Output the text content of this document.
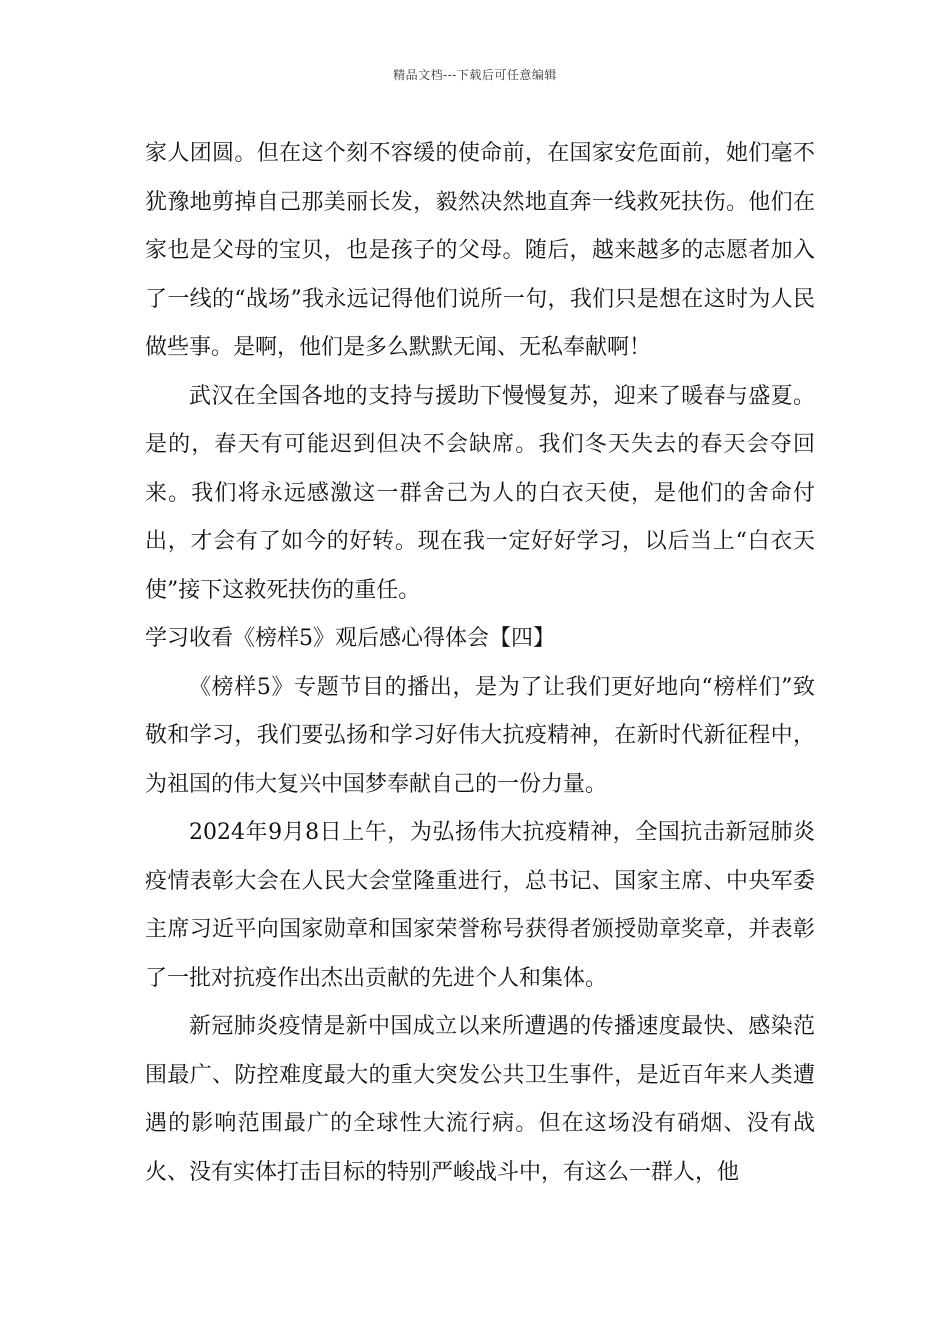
精品文档---下载后可任意编辑

家人团圆。但在这个刻不容缓的使命前，在国家安危面前，她们毫不犹豫地剪掉自己那美丽长发，毅然决然地直奔一线救死扶伤。他们在家也是父母的宝贝，也是孩子的父母。随后，越来越多的志愿者加入了一线的“战场”我永远记得他们说所一句，我们只是想在这时为人民做些事。是啊，他们是多么默默无闻、无私奉献啊！

武汉在全国各地的支持与援助下慢慢复苏，迎来了暖春与盛夏。是的，春天有可能迟到但决不会缺席。我们冬天失去的春天会夺回来。我们将永远感激这一群舍己为人的白衣天使，是他们的舍命付出，才会有了如今的好转。现在我一定好好学习，以后当上“白衣天使”接下这救死扶伤的重任。

学习收看《榜样5》观后感心得体会【四】

《榜样5》专题节目的播出，是为了让我们更好地向“榜样们”致敬和学习，我们要弘扬和学习好伟大抗疫精神，在新时代新征程中，为祖国的伟大复兴中国梦奉献自己的一份力量。

2024年9月8日上午，为弘扬伟大抗疫精神，全国抗击新冠肺炎疫情表彰大会在人民大会堂隆重进行，总书记、国家主席、中央军委主席习近平向国家勋章和国家荣誉称号获得者颁授勋章奖章，并表彰了一批对抗疫作出杰出贡献的先进个人和集体。

新冠肺炎疫情是新中国成立以来所遭遇的传播速度最快、感染范围最广、防控难度最大的重大突发公共卫生事件，是近百年来人类遭遇的影响范围最广的全球性大流行病。但在这场没有硝烟、没有战火、没有实体打击目标的特别严峻战斗中，有这么一群人，他
